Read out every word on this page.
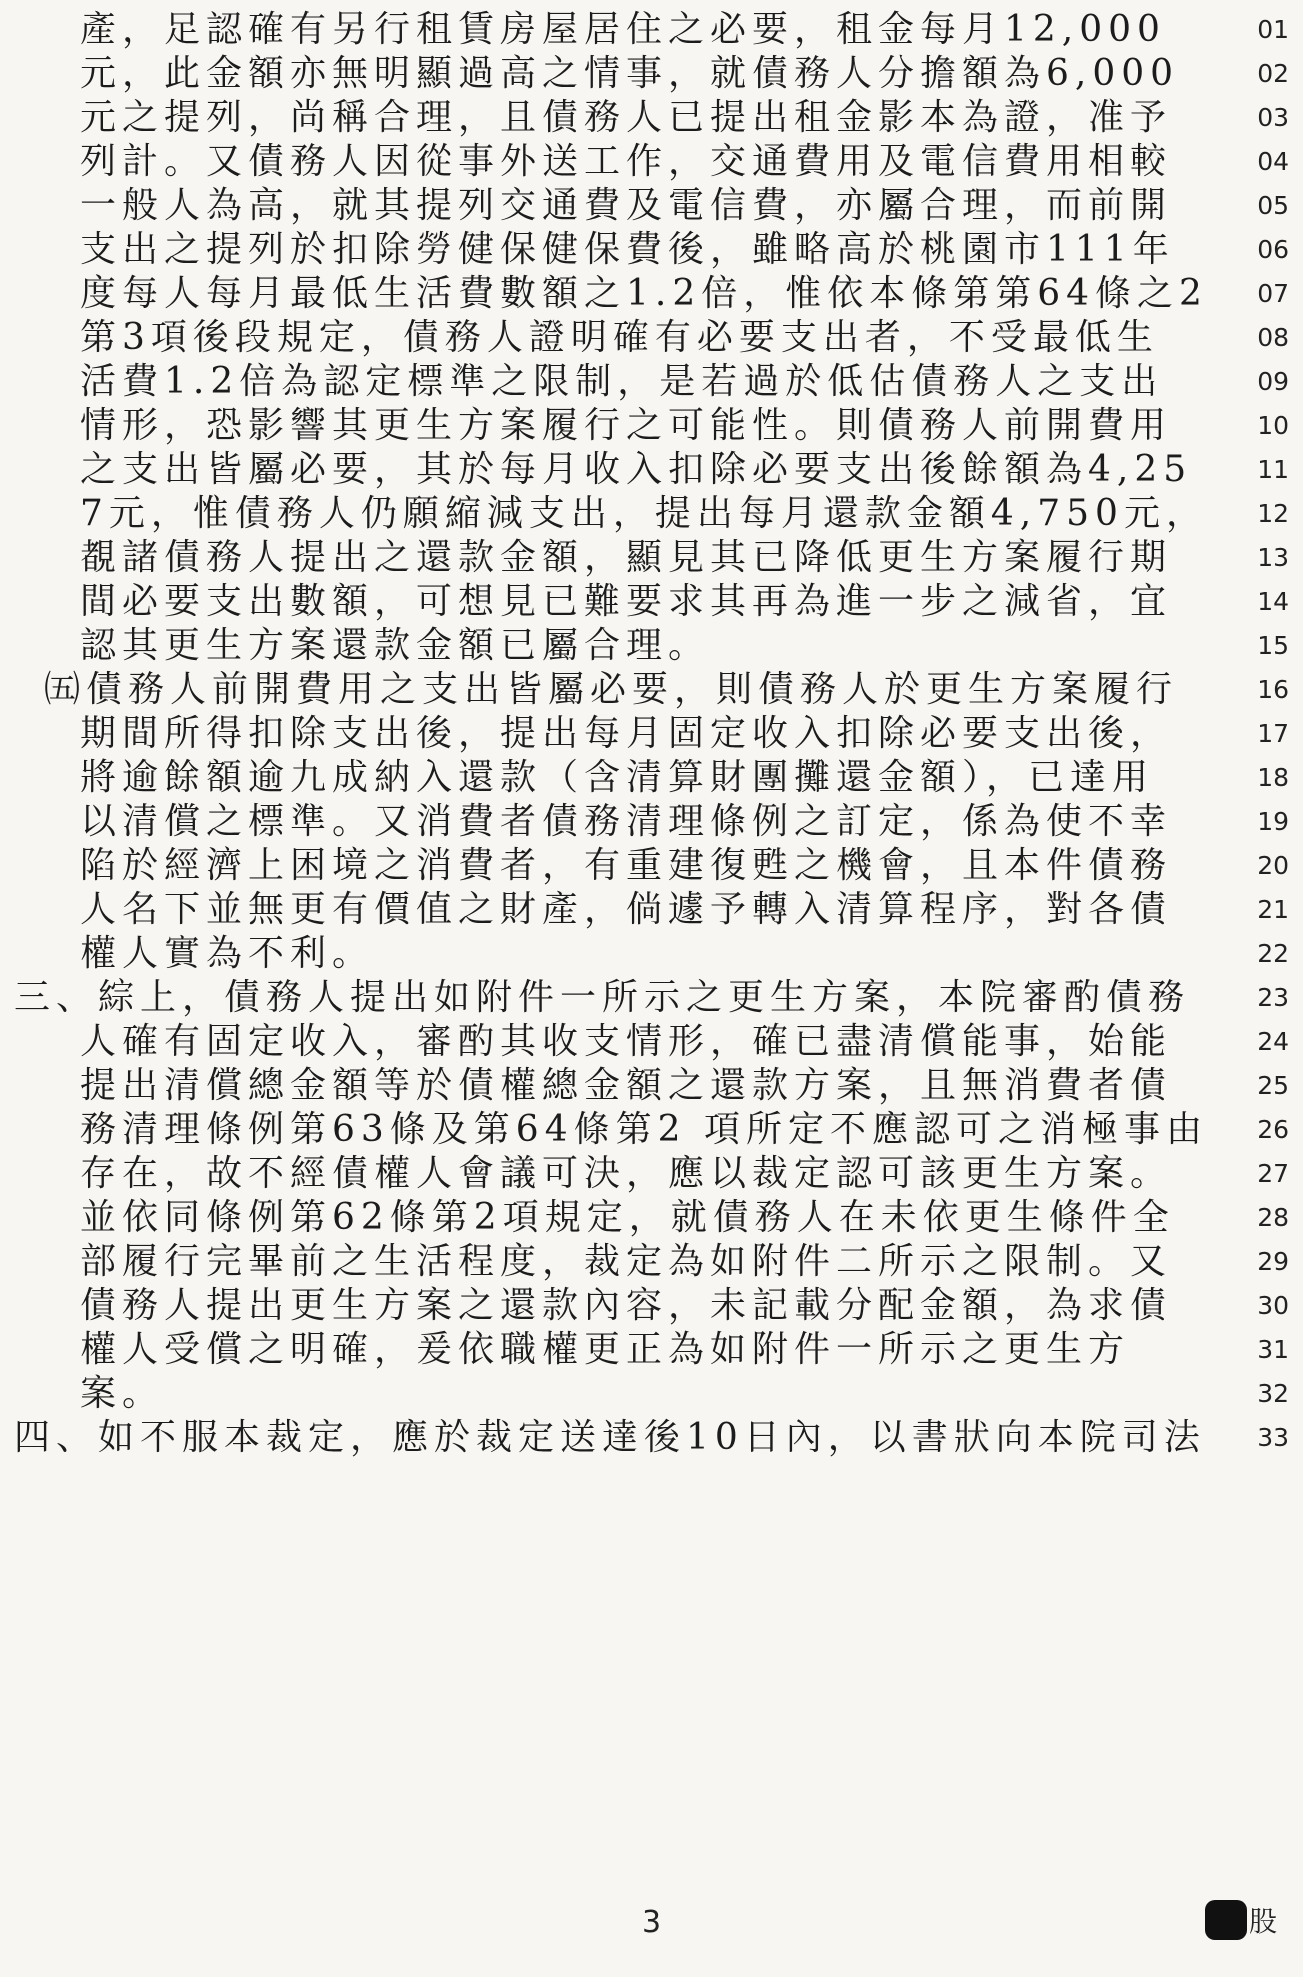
產，足認確有另行租賃房屋居住之必要，租金每月12,000	01
元，此金額亦無明顯過高之情事，就債務人分擔額為6,000	02
元之提列，尚稱合理，且債務人已提出租金影本為證，准予	03
列計。又債務人因從事外送工作，交通費用及電信費用相較	04
一般人為高，就其提列交通費及電信費，亦屬合理，而前開	05
支出之提列於扣除勞健保健保費後，雖略高於桃園市111年	06
度每人每月最低生活費數額之1.2倍，惟依本條第第64條之2	07
第3項後段規定，債務人證明確有必要支出者，不受最低生	08
活費1.2倍為認定標準之限制，是若過於低估債務人之支出	09
情形，恐影響其更生方案履行之可能性。則債務人前開費用	10
之支出皆屬必要，其於每月收入扣除必要支出後餘額為4,25	11
7元，惟債務人仍願縮減支出，提出每月還款金額4,750元，	12
覩諸債務人提出之還款金額，顯見其已降低更生方案履行期	13
間必要支出數額，可想見已難要求其再為進一步之減省，宜	14
認其更生方案還款金額已屬合理。	15
㈤債務人前開費用之支出皆屬必要，則債務人於更生方案履行	16
期間所得扣除支出後，提出每月固定收入扣除必要支出後，	17
將逾餘額逾九成納入還款（含清算財團攤還金額），已達用	18
以清償之標準。又消費者債務清理條例之訂定，係為使不幸	19
陷於經濟上困境之消費者，有重建復甦之機會，且本件債務	20
人名下並無更有價值之財產，倘遽予轉入清算程序，對各債	21
權人實為不利。	22
三、綜上，債務人提出如附件一所示之更生方案，本院審酌債務	23
人確有固定收入，審酌其收支情形，確已盡清償能事，始能	24
提出清償總金額等於債權總金額之還款方案，且無消費者債	25
務清理條例第63條及第64條第2 項所定不應認可之消極事由	26
存在，故不經債權人會議可決，應以裁定認可該更生方案。	27
並依同條例第62條第2項規定，就債務人在未依更生條件全	28
部履行完畢前之生活程度，裁定為如附件二所示之限制。又	29
債務人提出更生方案之還款內容，未記載分配金額，為求債	30
權人受償之明確，爰依職權更正為如附件一所示之更生方	31
案。	32
四、如不服本裁定，應於裁定送達後10日內，以書狀向本院司法	33
3	股
